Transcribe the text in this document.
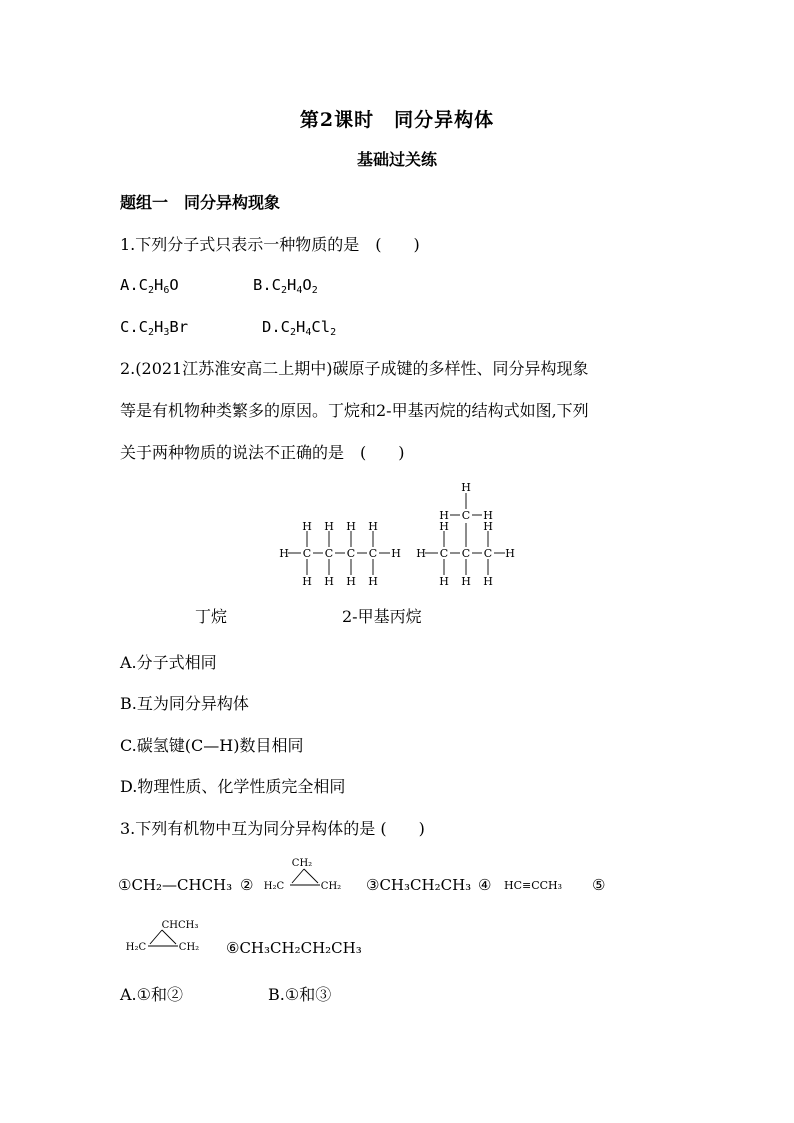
第2课时　同分异构体
基础过关练
题组一　同分异构现象
1.下列分子式只表示一种物质的是　(　　)
$A.C_2H_6O$	$B.C_2H_4O_2$
$C.C_2H_3Br$	$D.C_2H_4Cl_2$
2.(2021江苏淮安高二上期中)碳原子成键的多样性、同分异构现象
等是有机物种类繁多的原因。丁烷和2-甲基丙烷的结构式如图,下列
关于两种物质的说法不正确的是　(　　)
H C C C C H
H H H H
H H H H
H C C C H
H	H
H H H
C
H	H
H
丁烷	2-甲基丙烷
A.分子式相同
B.互为同分异构体
C.碳氢键(C—H)数目相同
D.物理性质、化学性质完全相同
3.下列有机物中互为同分异构体的是 (　　)
①CH₂—CHCH₃ ②
CH₂
H₂C	CH₂ ③CH₃CH₂CH₃ ④ HC≡CCH₃ ⑤
CHCH₃
H₂C	CH₂ ⑥CH₃CH₂CH₂CH₃
A.①和②	B.①和③
